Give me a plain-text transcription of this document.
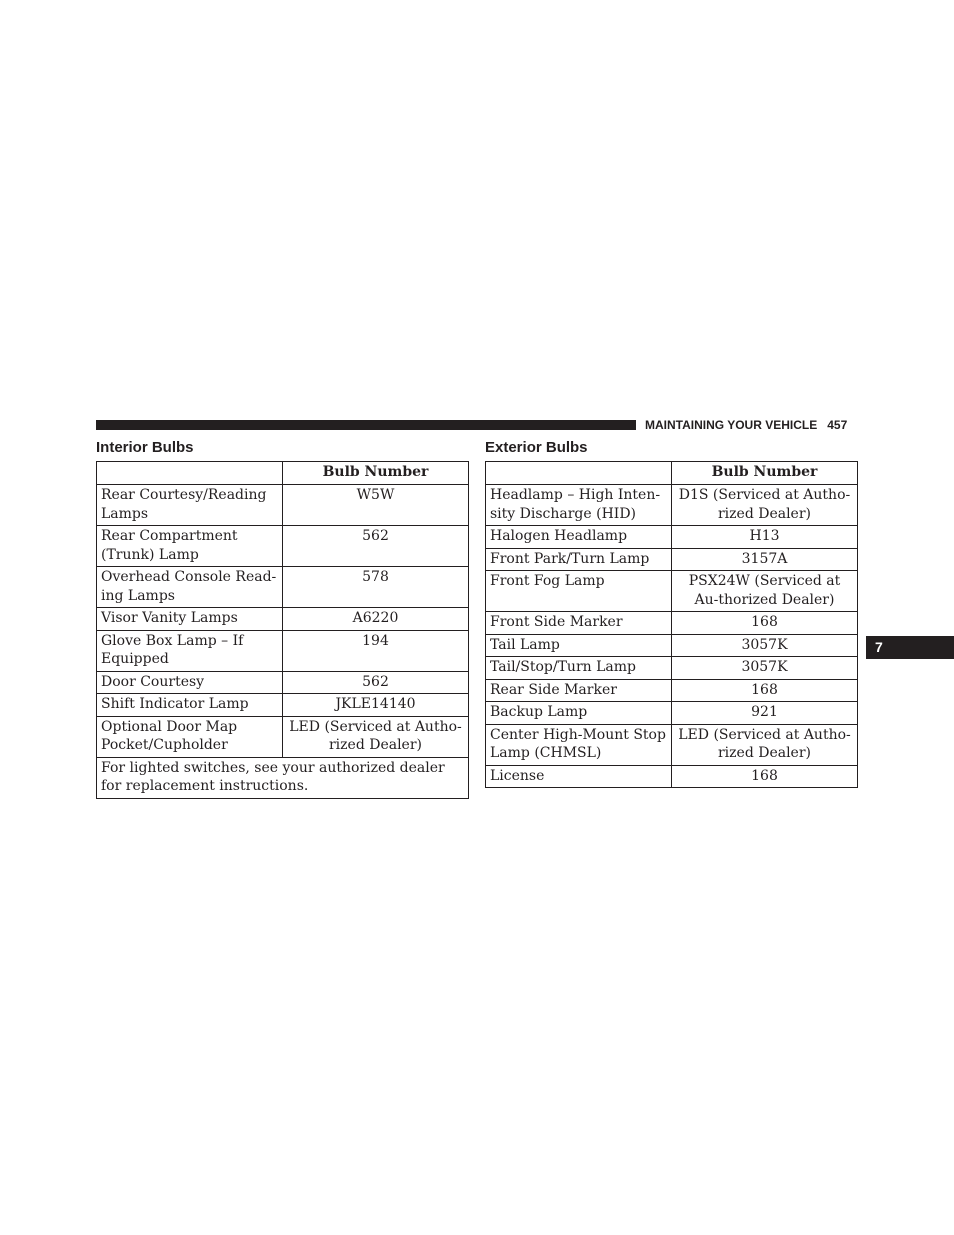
MAINTAINING YOUR VEHICLE 457
Interior Bulbs
	Bulb Number
Rear Courtesy/Reading Lamps	W5W
Rear Compartment (Trunk) Lamp	562
Overhead Console Read-ing Lamps	578
Visor Vanity Lamps	A6220
Glove Box Lamp – If Equipped	194
Door Courtesy	562
Shift Indicator Lamp	JKLE14140
Optional Door Map Pocket/Cupholder	LED (Serviced at Autho-rized Dealer)
For lighted switches, see your authorized dealer for replacement instructions.	
Exterior Bulbs
	Bulb Number
Headlamp – High Inten-sity Discharge (HID)	D1S (Serviced at Autho-rized Dealer)
Halogen Headlamp	H13
Front Park/Turn Lamp	3157A
Front Fog Lamp	PSX24W (Serviced at Au-thorized Dealer)
Front Side Marker	168
Tail Lamp	3057K
Tail/Stop/Turn Lamp	3057K
Rear Side Marker	168
Backup Lamp	921
Center High-Mount Stop Lamp (CHMSL)	LED (Serviced at Autho-rized Dealer)
License	168
7
